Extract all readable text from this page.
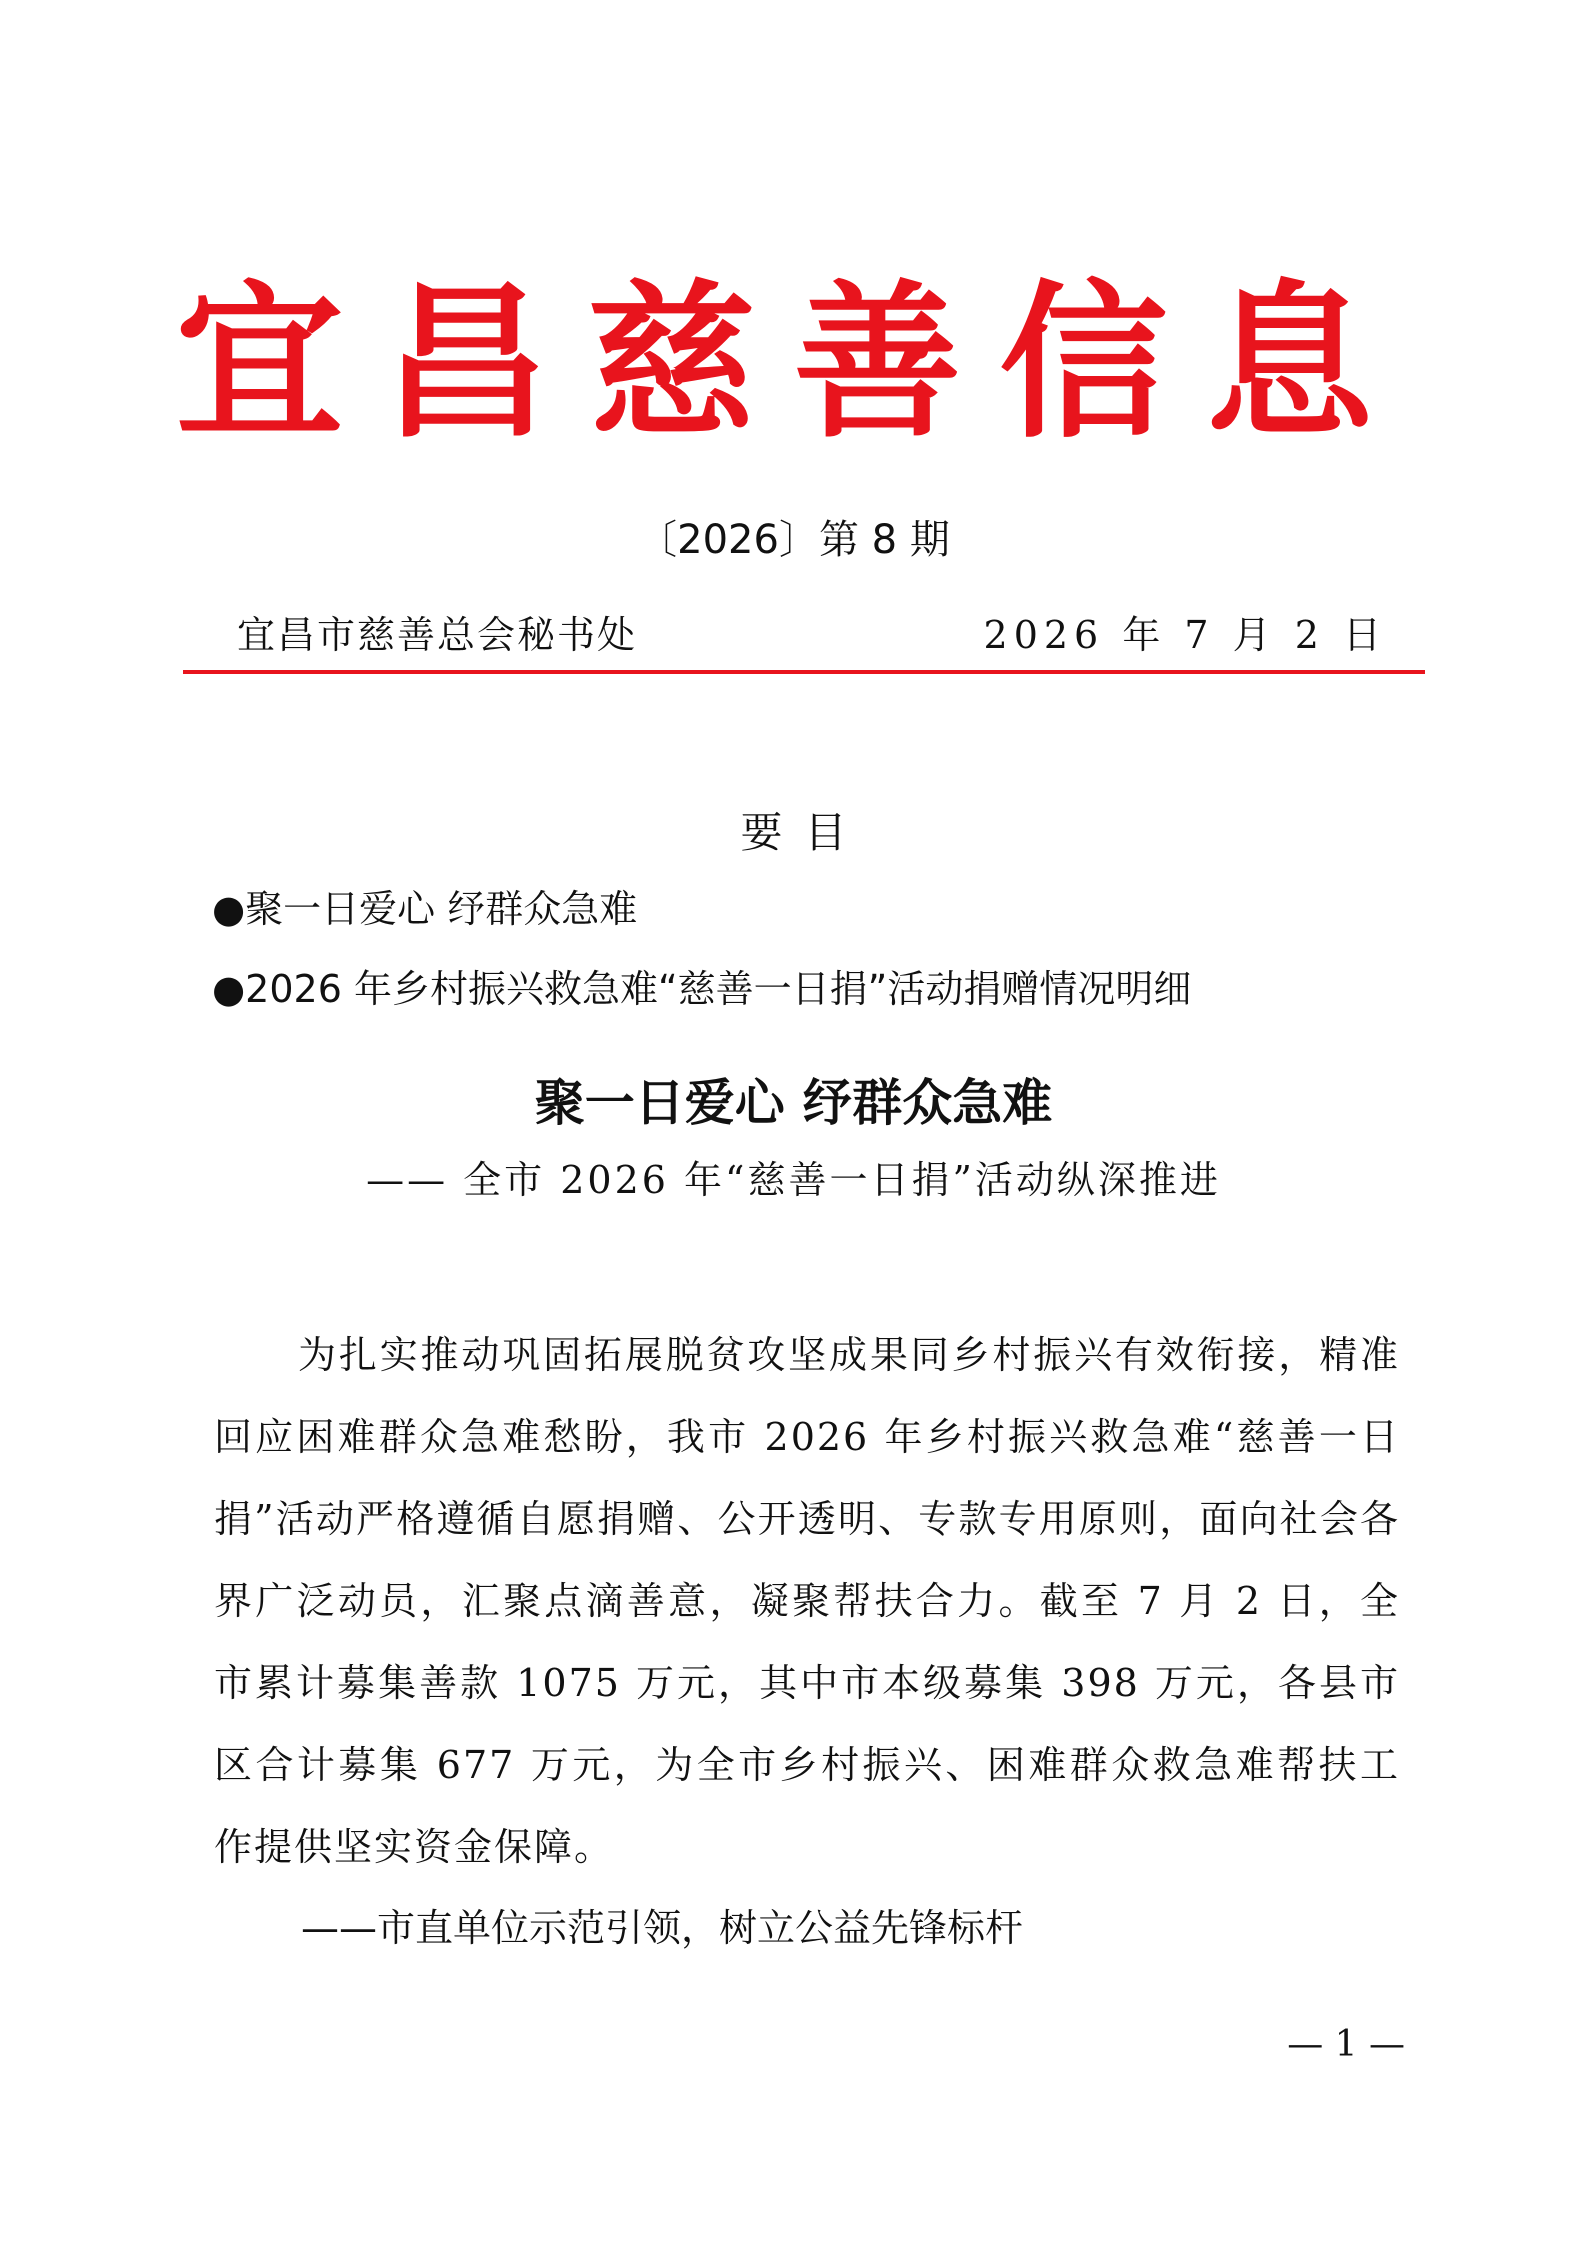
宜昌慈善信息
〔2026〕第 8 期
宜昌市慈善总会秘书处	2026 年 7 月 2 日
要目
●聚一日爱心 纾群众急难
●2026 年乡村振兴救急难“慈善一日捐”活动捐赠情况明细
聚一日爱心 纾群众急难
—— 全市 2026 年“慈善一日捐”活动纵深推进
为扎实推动巩固拓展脱贫攻坚成果同乡村振兴有效衔接，精准回应困难群众急难愁盼，我市 2026 年乡村振兴救急难“慈善一日捐”活动严格遵循自愿捐赠、公开透明、专款专用原则，面向社会各界广泛动员，汇聚点滴善意，凝聚帮扶合力。截至 7 月 2 日，全市累计募集善款 1075 万元，其中市本级募集 398 万元，各县市区合计募集 677 万元，为全市乡村振兴、困难群众救急难帮扶工作提供坚实资金保障。
——市直单位示范引领，树立公益先锋标杆
— 1 —
